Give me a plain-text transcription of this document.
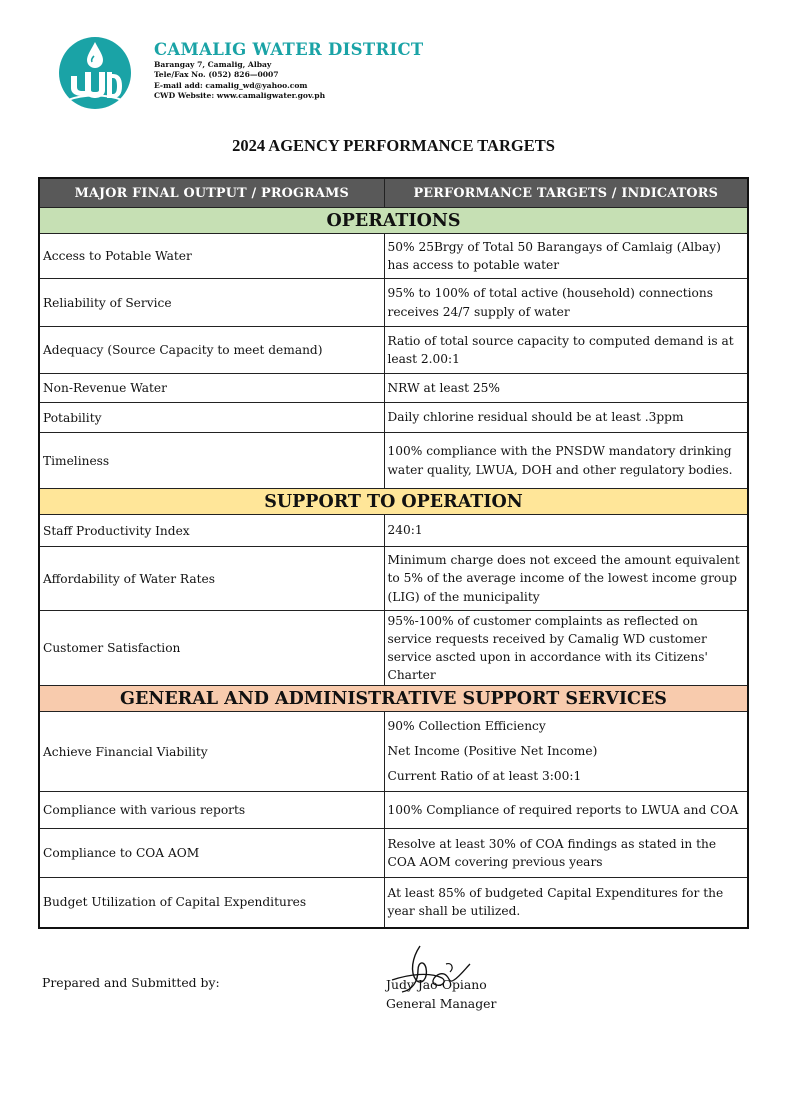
CAMALIG WATER DISTRICT
Barangay 7, Camalig, Albay
Tele/Fax No. (052) 826—0007
E-mail add: camalig_wd@yahoo.com
CWD Website: www.camaligwater.gov.ph
2024 AGENCY PERFORMANCE TARGETS
MAJOR FINAL OUTPUT / PROGRAMS	PERFORMANCE TARGETS / INDICATORS
OPERATIONS	
Access to Potable Water	50% 25Brgy of Total 50 Barangays of Camlaig (Albay) has access to potable water
Reliability of Service	95% to 100% of total active (household) connections receives 24/7 supply of water
Adequacy (Source Capacity to meet demand)	Ratio of total source capacity to computed demand is at least 2.00:1
Non-Revenue Water	NRW at least 25%
Potability	Daily chlorine residual should be at least .3ppm
Timeliness	100% compliance with the PNSDW mandatory drinking water quality, LWUA, DOH and other regulatory bodies.
SUPPORT TO OPERATION	
Staff Productivity Index	240:1
Affordability of Water Rates	Minimum charge does not exceed the amount equivalent to 5% of the average income of the lowest income group (LIG) of the municipality
Customer Satisfaction	95%-100% of customer complaints as reflected on service requests received by Camalig WD customer service ascted upon in accordance with its Citizens' Charter
GENERAL AND ADMINISTRATIVE SUPPORT SERVICES	
Achieve Financial Viability	90% Collection Efficiency
Net Income (Positive Net Income)
Current Ratio of at least 3:00:1

Compliance with various reports	100% Compliance of required reports to LWUA and COA
Compliance to COA AOM	Resolve at least 30% of COA findings as stated in the COA AOM covering previous years
Budget Utilization of Capital Expenditures	At least 85% of budgeted Capital Expenditures for the year shall be utilized.
Prepared and Submitted by:	Judy Jao-Opiano
General Manager
